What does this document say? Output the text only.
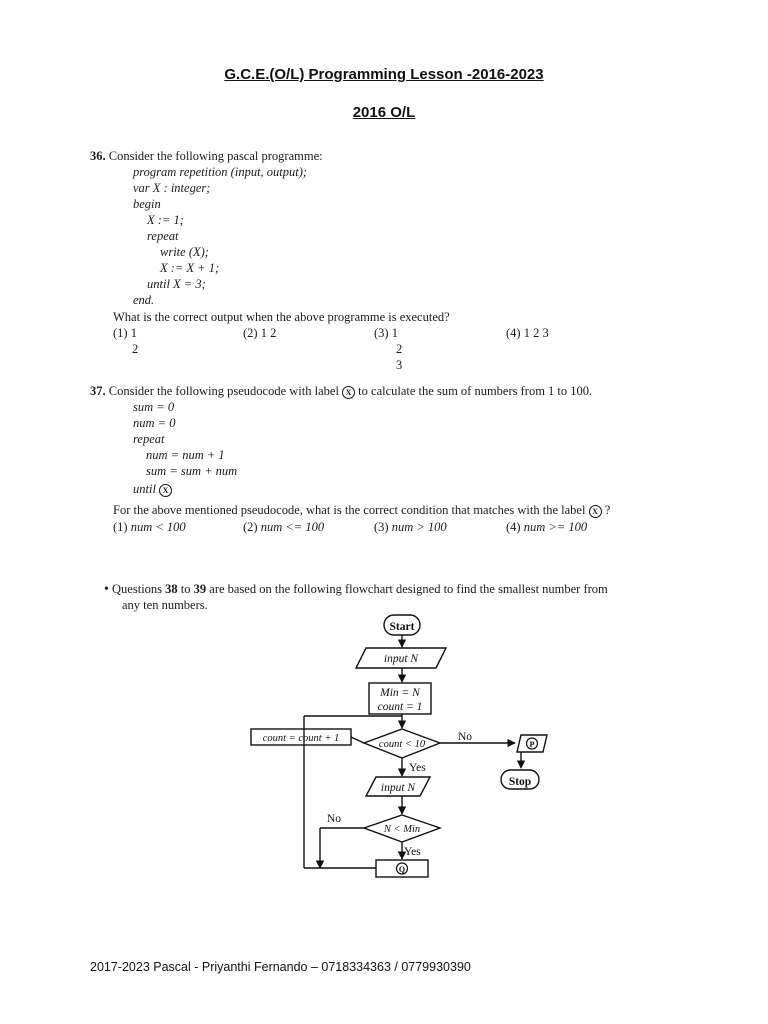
G.C.E.(O/L) Programming Lesson -2016-2023
2016 O/L
36. Consider the following pascal programme:
program repetition (input, output);
var X : integer;
begin
X := 1;
repeat
write (X);
X := X + 1;
until X = 3;
end.
What is the correct output when the above programme is executed?
(1) 1
2
(2) 1 2	(3) 1
2
3
(4) 1 2 3
37. Consider the following pseudocode with label X to calculate the sum of numbers from 1 to 100.
sum = 0
num = 0
repeat
num = num + 1
sum = sum + num
until X
For the above mentioned pseudocode, what is the correct condition that matches with the label X ?
(1) num < 100	(2) num <= 100	(3) num > 100	(4) num >= 100
• Questions 38 to 39 are based on the following flowchart designed to find the smallest number from
any ten numbers.
Start
input N
Min = N
count = 1
count = count + 1
count < 10
No
Yes
Stop
input N
N < Min
No
Yes
P
Q
2017-2023 Pascal - Priyanthi Fernando – 0718334363 / 0779930390
